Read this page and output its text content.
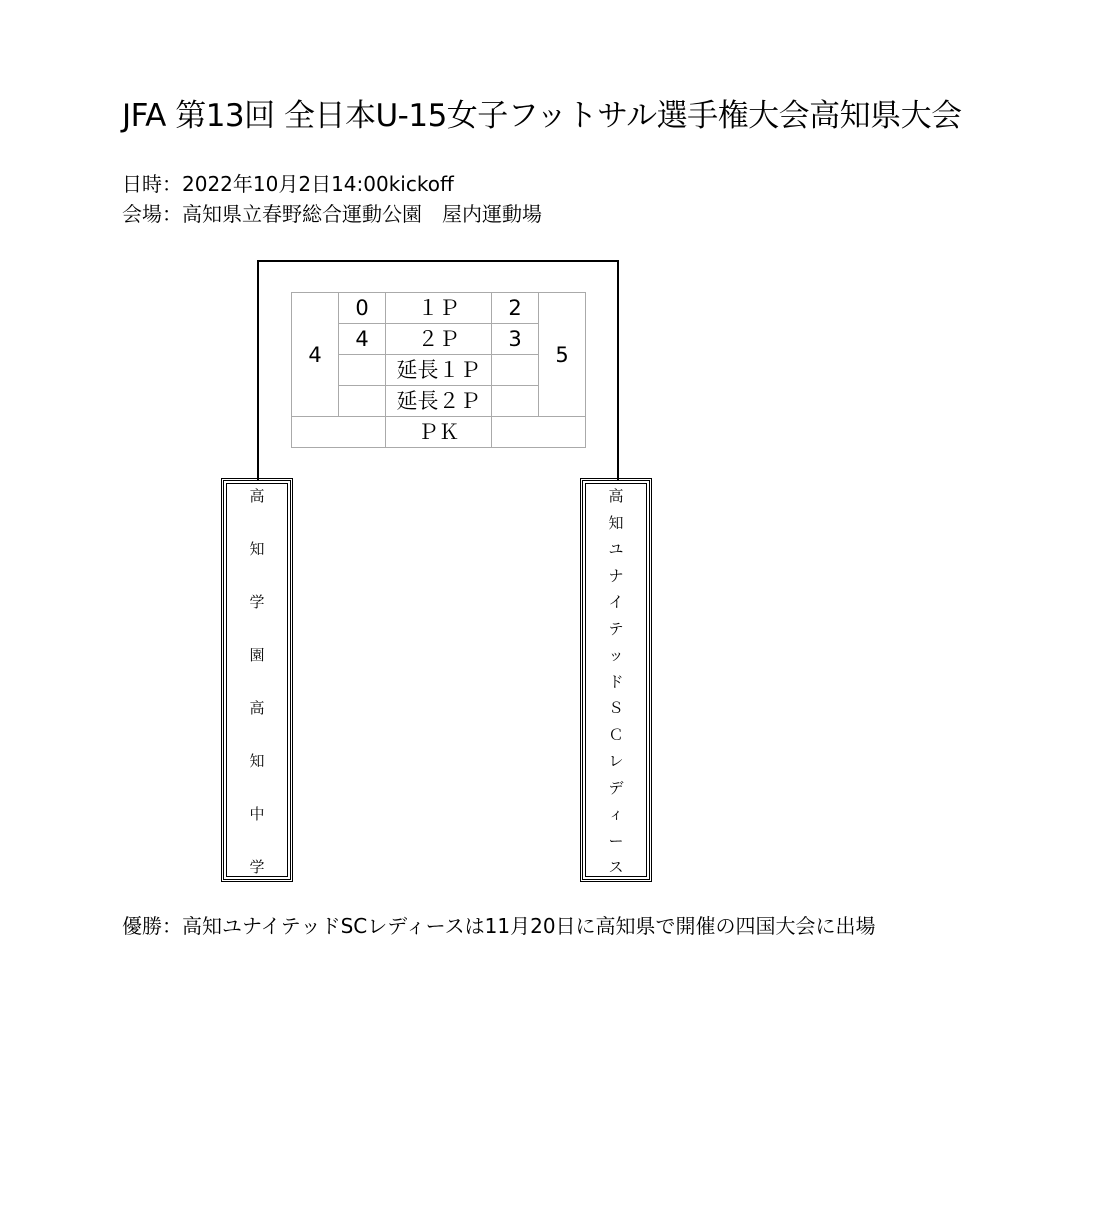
JFA 第13回 全日本U-15女子フットサル選手権大会高知県大会
日時：2022年10月2日14:00kickoff
会場：高知県立春野総合運動公園　屋内運動場
4	0	１Ｐ	2	5
	4	２Ｐ	3	
		延長１Ｐ		
		延長２Ｐ		
		ＰＫ		
高
知
学
園
高
知
中
学
高
知
ユ
ナ
イ
テ
ッ
ド
Ｓ
Ｃ
レ
デ
ィ
ー
ス
優勝：高知ユナイテッドSCレディースは11月20日に高知県で開催の四国大会に出場
